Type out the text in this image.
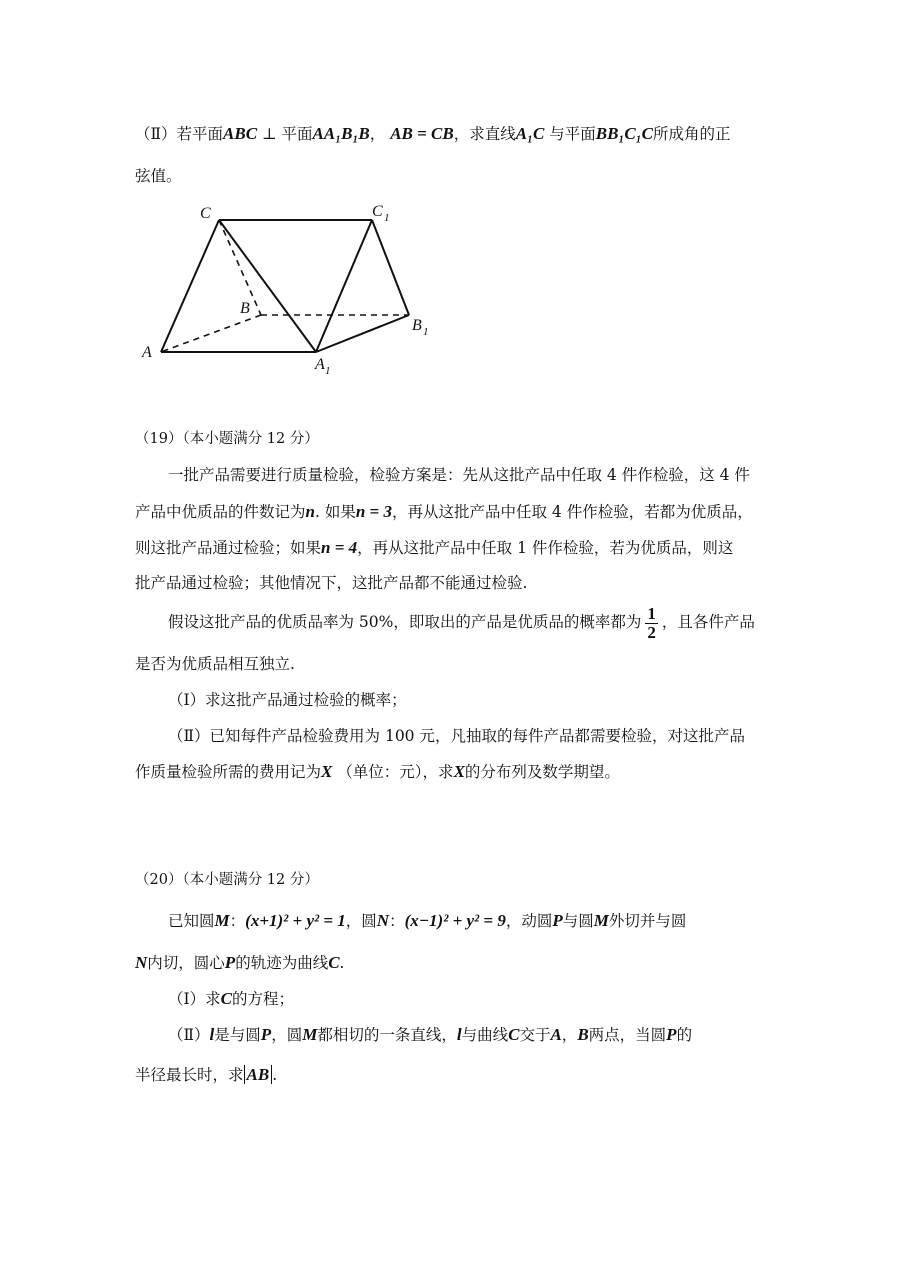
（Ⅱ）若平面ABC ⊥ 平面AA₁B₁B， AB = CB，求直线A₁C 与平面BB₁C₁C所成角的正
弦值。
C	C 1
B
B 1
A
A 1
（19）（本小题满分 12 分）
一批产品需要进行质量检验，检验方案是：先从这批产品中任取 4 件作检验，这 4 件
产品中优质品的件数记为n. 如果n = 3，再从这批产品中任取 4 件作检验，若都为优质品，
则这批产品通过检验；如果n = 4，再从这批产品中任取 1 件作检验，若为优质品，则这
批产品通过检验；其他情况下，这批产品都不能通过检验.
假设这批产品的优质品率为 50%，即取出的产品是优质品的概率都为 $\frac{1}{2}$ ，且各件产品
是否为优质品相互独立.
（Ⅰ）求这批产品通过检验的概率；
（Ⅱ）已知每件产品检验费用为 100 元，凡抽取的每件产品都需要检验，对这批产品
作质量检验所需的费用记为X （单位：元），求X的分布列及数学期望。
（20）（本小题满分 12 分）
已知圆M：(x+1)² + y² = 1，圆N：(x−1)² + y² = 9，动圆P与圆M外切并与圆
N内切，圆心P的轨迹为曲线C.
（Ⅰ）求C的方程；
（Ⅱ）l是与圆P，圆M都相切的一条直线，l与曲线C交于A，B两点，当圆P的
半径最长时，求 AB .
